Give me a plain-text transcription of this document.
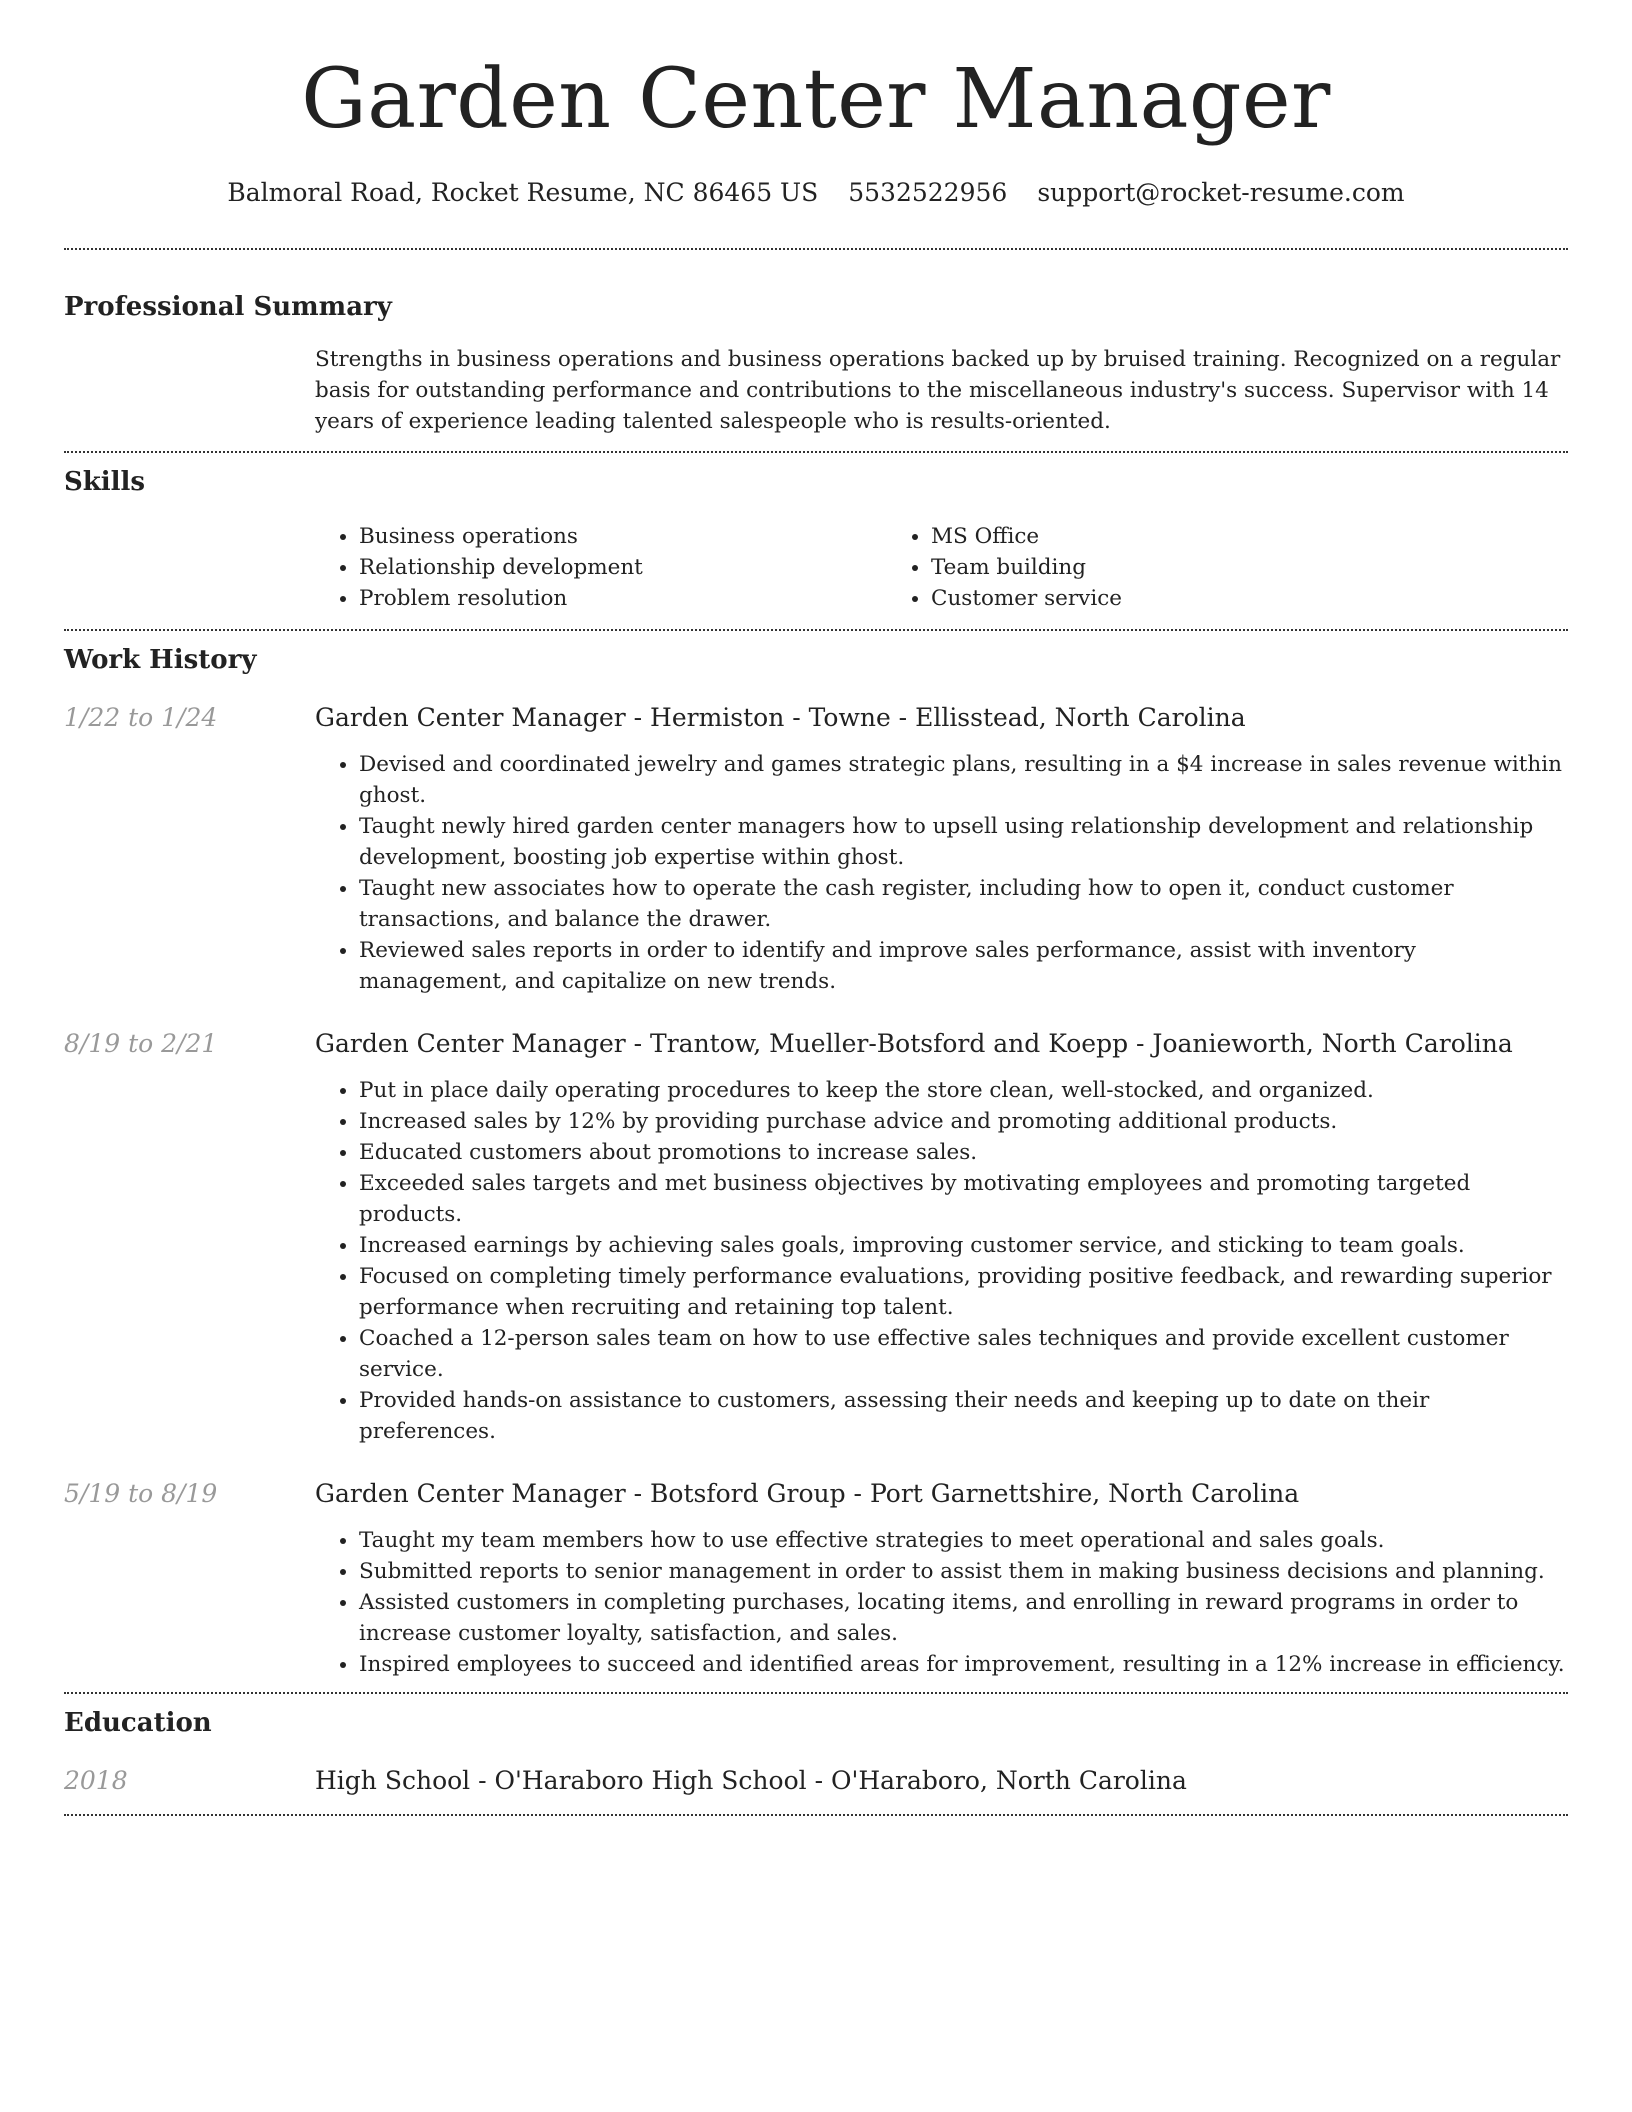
Garden Center Manager
Balmoral Road, Rocket Resume, NC 86465 US 5532522956 support@rocket-resume.com
Professional Summary
Strengths in business operations and business operations backed up by bruised training. Recognized on a regular basis for outstanding performance and contributions to the miscellaneous industry's success. Supervisor with 14 years of experience leading talented salespeople who is results-oriented.
Skills
• Business operations
• Relationship development
• Problem resolution
• MS Office
• Team building
• Customer service
Work History
1/22 to 1/24	Garden Center Manager - Hermiston - Towne - Ellisstead, North Carolina
• Devised and coordinated jewelry and games strategic plans, resulting in a $4 increase in sales revenue within ghost.
• Taught newly hired garden center managers how to upsell using relationship development and relationship development, boosting job expertise within ghost.
• Taught new associates how to operate the cash register, including how to open it, conduct customer transactions, and balance the drawer.
• Reviewed sales reports in order to identify and improve sales performance, assist with inventory management, and capitalize on new trends.
8/19 to 2/21	Garden Center Manager - Trantow, Mueller-Botsford and Koepp - Joanieworth, North Carolina
• Put in place daily operating procedures to keep the store clean, well-stocked, and organized.
• Increased sales by 12% by providing purchase advice and promoting additional products.
• Educated customers about promotions to increase sales.
• Exceeded sales targets and met business objectives by motivating employees and promoting targeted products.
• Increased earnings by achieving sales goals, improving customer service, and sticking to team goals.
• Focused on completing timely performance evaluations, providing positive feedback, and rewarding superior performance when recruiting and retaining top talent.
• Coached a 12-person sales team on how to use effective sales techniques and provide excellent customer service.
• Provided hands-on assistance to customers, assessing their needs and keeping up to date on their preferences.
5/19 to 8/19	Garden Center Manager - Botsford Group - Port Garnettshire, North Carolina
• Taught my team members how to use effective strategies to meet operational and sales goals.
• Submitted reports to senior management in order to assist them in making business decisions and planning.
• Assisted customers in completing purchases, locating items, and enrolling in reward programs in order to increase customer loyalty, satisfaction, and sales.
• Inspired employees to succeed and identified areas for improvement, resulting in a 12% increase in efficiency.
Education
2018	High School - O'Haraboro High School - O'Haraboro, North Carolina
